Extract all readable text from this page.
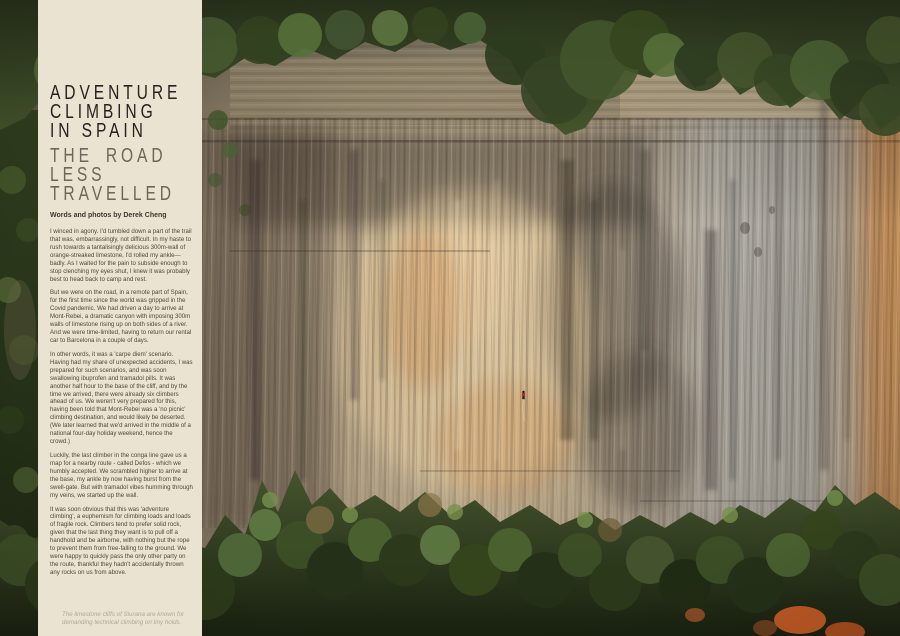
ADVENTURE
CLIMBING
IN SPAIN
THE ROAD
LESS
TRAVELLED
Words and photos by Derek Cheng

I winced in agony. I'd tumbled down a part of the trail that was, embarrassingly, not difficult. In my haste to rush towards a tantalisingly delicious 300m-wall of orange-streaked limestone, I'd rolled my ankle—badly. As I waited for the pain to subside enough to stop clenching my eyes shut, I knew it was probably best to head back to camp and rest.

But we were on the road, in a remote part of Spain, for the first time since the world was gripped in the Covid pandemic. We had driven a day to arrive at Mont-Rebei, a dramatic canyon with imposing 300m walls of limestone rising up on both sides of a river. And we were time-limited, having to return our rental car to Barcelona in a couple of days.

In other words, it was a 'carpe diem' scenario. Having had my share of unexpected accidents, I was prepared for such scenarios, and was soon swallowing ibuprofen and tramadol pills. It was another half hour to the base of the cliff, and by the time we arrived, there were already six climbers ahead of us. We weren't very prepared for this, having been told that Mont-Rebei was a 'no picnic' climbing destination, and would likely be deserted. (We later learned that we'd arrived in the middle of a national four-day holiday weekend, hence the crowd.)

Luckily, the last climber in the conga line gave us a map for a nearby route - called Defos - which we humbly accepted. We scrambled higher to arrive at the base, my ankle by now having burst from the swell-gate. But with tramadol vibes humming through my veins, we started up the wall.

It was soon obvious that this was 'adventure climbing', a euphemism for climbing loads and loads of fragile rock. Climbers tend to prefer solid rock, given that the last thing they want is to pull off a handhold and be airborne, with nothing but the rope to prevent them from free-falling to the ground. We were happy to quickly pass the only other party on the route, thankful they hadn't accidentally thrown any rocks on us from above.

The limestone cliffs of Siurana are known for demanding technical climbing on tiny holds.
